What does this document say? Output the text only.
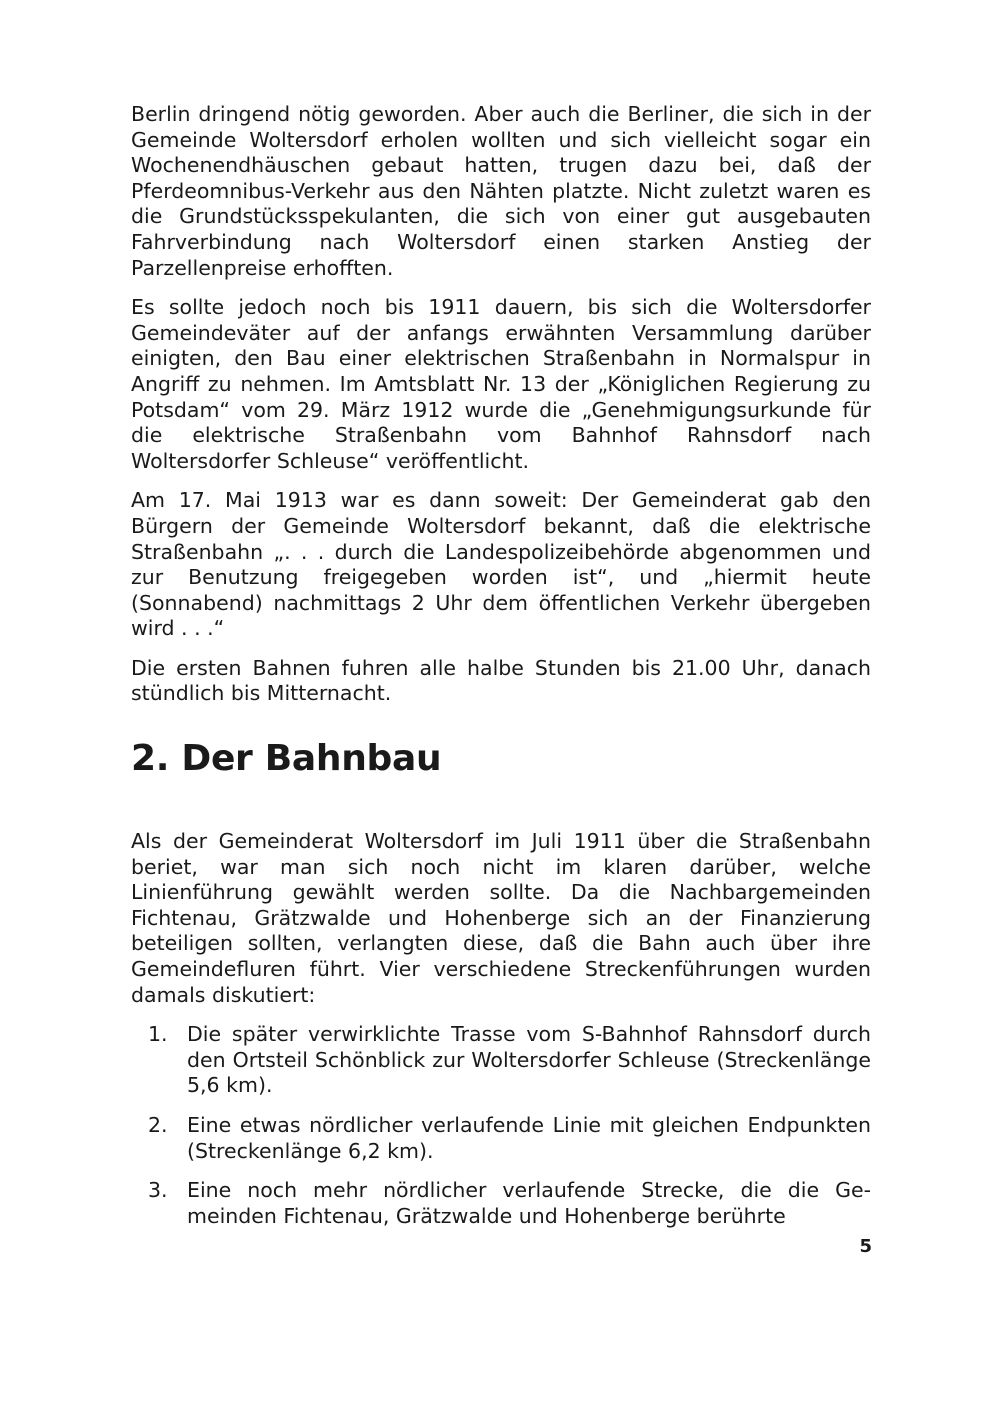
Berlin dringend nötig geworden. Aber auch die Berliner, die sich in der Gemeinde Woltersdorf erholen wollten und sich vielleicht sogar ein Wochenendhäuschen gebaut hatten, trugen dazu bei, daß der Pferdeomnibus-Verkehr aus den Nähten platzte. Nicht zuletzt waren es die Grundstücksspekulanten, die sich von einer gut ausgebauten Fahrverbindung nach Woltersdorf einen starken Anstieg der Parzellenpreise erhofften.

Es sollte jedoch noch bis 1911 dauern, bis sich die Woltersdorfer Gemeindeväter auf der anfangs erwähnten Versammlung darüber einigten, den Bau einer elektrischen Straßenbahn in Normalspur in Angriff zu nehmen. Im Amtsblatt Nr. 13 der „Königlichen Regierung zu Potsdam“ vom 29. März 1912 wurde die „Genehmigungsurkunde für die elektrische Straßenbahn vom Bahnhof Rahnsdorf nach Woltersdorfer Schleuse“ veröffentlicht.

Am 17. Mai 1913 war es dann soweit: Der Gemeinderat gab den Bürgern der Gemeinde Woltersdorf bekannt, daß die elektrische Straßenbahn „. . . durch die Landespolizeibehörde abgenommen und zur Benutzung freigegeben worden ist“, und „hiermit heute (Sonnabend) nachmittags 2 Uhr dem öffentlichen Verkehr übergeben wird . . .“

Die ersten Bahnen fuhren alle halbe Stunden bis 21.00 Uhr, danach stündlich bis Mitternacht.

2. Der Bahnbau

Als der Gemeinderat Woltersdorf im Juli 1911 über die Straßenbahn beriet, war man sich noch nicht im klaren darüber, welche Linienführung gewählt werden sollte. Da die Nachbargemeinden Fichtenau, Grätzwalde und Hohenberge sich an der Finanzierung beteiligen sollten, verlangten diese, daß die Bahn auch über ihre Gemeindefluren führt. Vier verschiedene Streckenführungen wurden damals diskutiert:

1. Die später verwirklichte Trasse vom S-Bahnhof Rahnsdorf durch den Ortsteil Schönblick zur Woltersdorfer Schleuse (Streckenlänge 5,6 km).
2. Eine etwas nördlicher verlaufende Linie mit gleichen Endpunkten (Streckenlänge 6,2 km).
3. Eine noch mehr nördlicher verlaufende Strecke, die die Gemeinden Fichtenau, Grätzwalde und Hohenberge berührte
5
